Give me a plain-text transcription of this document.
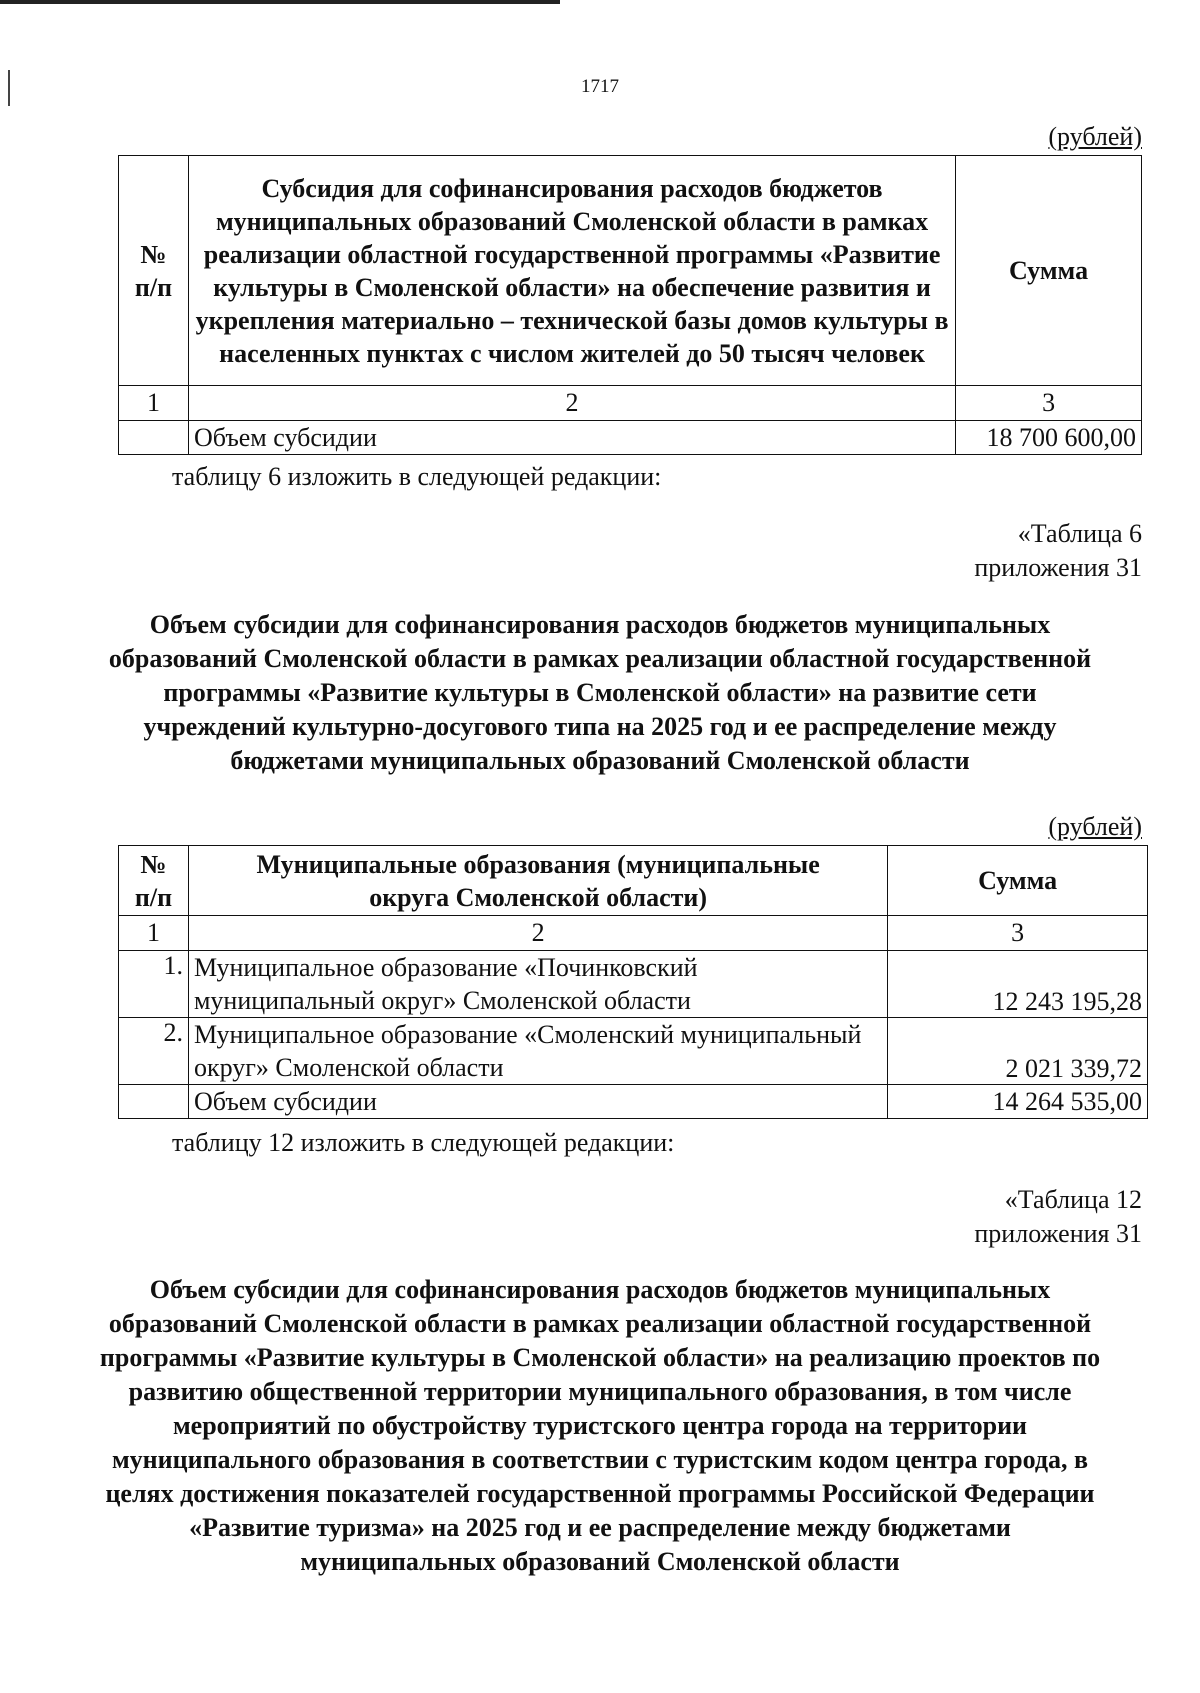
1717
(рублей)
№ п/п	Субсидия для софинансирования расходов бюджетов муниципальных образований Смоленской области в рамках реализации областной государственной программы «Развитие культуры в Смоленской области» на обеспечение развития и укрепления материально – технической базы домов культуры в населенных пунктах с числом жителей до 50 тысяч человек	Сумма
1	2	3
	Объем субсидии	18 700 600,00
таблицу 6 изложить в следующей редакции:
«Таблица 6
приложения 31
Объем субсидии для софинансирования расходов бюджетов муниципальных образований Смоленской области в рамках реализации областной государственной программы «Развитие культуры в Смоленской области» на развитие сети учреждений культурно-досугового типа на 2025 год и ее распределение между бюджетами муниципальных образований Смоленской области
(рублей)
№ п/п	Муниципальные образования (муниципальные округа Смоленской области)	Сумма
1	2	3
1.	Муниципальное образование «Починковский муниципальный округ» Смоленской области	12 243 195,28
2.	Муниципальное образование «Смоленский муниципальный округ» Смоленской области	2 021 339,72
	Объем субсидии	14 264 535,00
таблицу 12 изложить в следующей редакции:
«Таблица 12
приложения 31
Объем субсидии для софинансирования расходов бюджетов муниципальных образований Смоленской области в рамках реализации областной государственной программы «Развитие культуры в Смоленской области» на реализацию проектов по развитию общественной территории муниципального образования, в том числе мероприятий по обустройству туристского центра города на территории муниципального образования в соответствии с туристским кодом центра города, в целях достижения показателей государственной программы Российской Федерации «Развитие туризма» на 2025 год и ее распределение между бюджетами муниципальных образований Смоленской области
